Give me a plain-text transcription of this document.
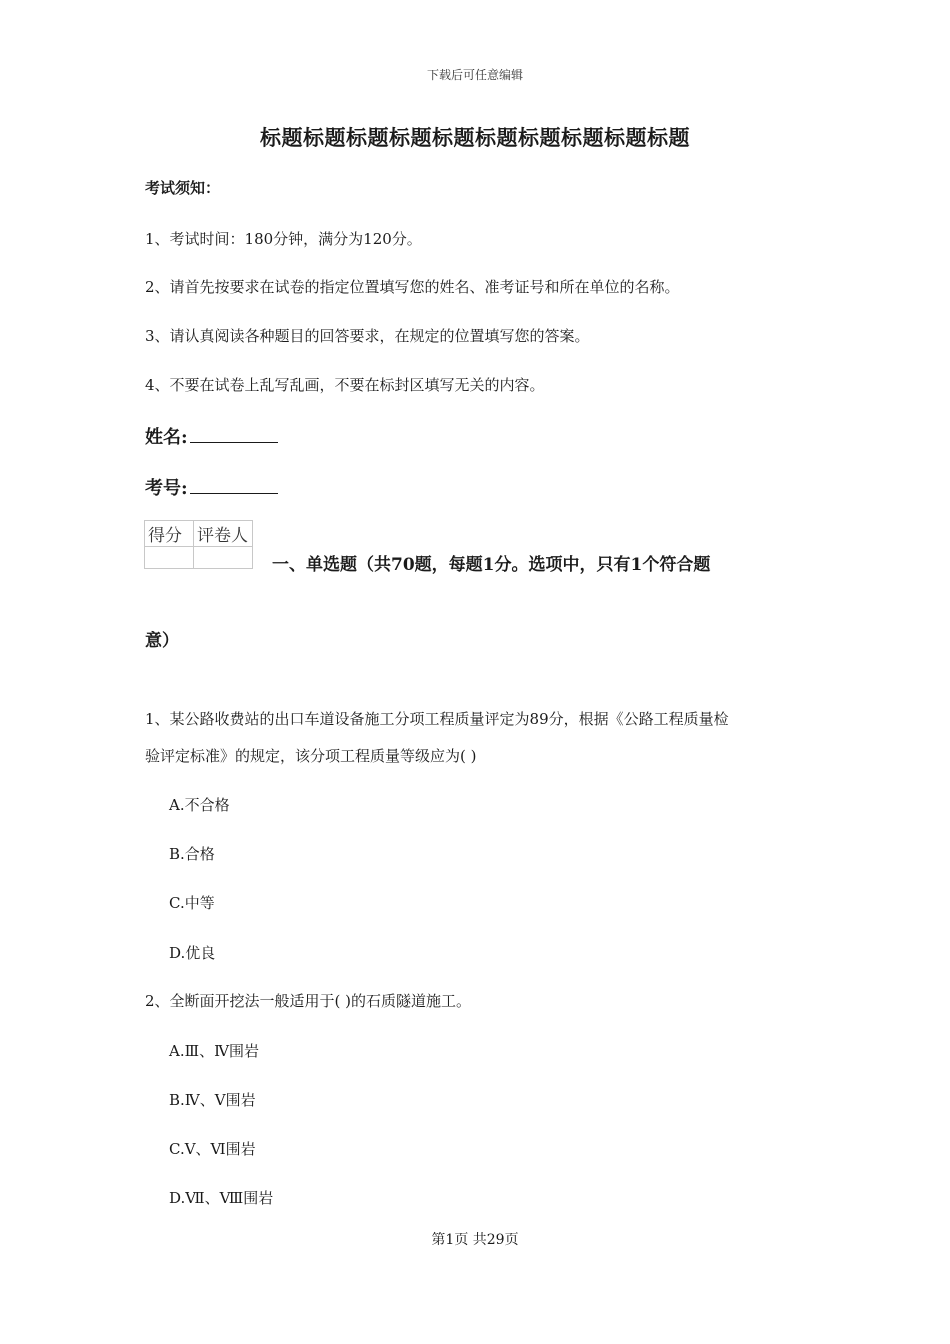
下载后可任意编辑
标题标题标题标题标题标题标题标题标题标题
考试须知：
1、考试时间：180分钟，满分为120分。
2、请首先按要求在试卷的指定位置填写您的姓名、准考证号和所在单位的名称。
3、请认真阅读各种题目的回答要求，在规定的位置填写您的答案。
4、不要在试卷上乱写乱画，不要在标封区填写无关的内容。
姓名:
考号:
得分	评卷人

一、单选题（共70题，每题1分。选项中，只有1个符合题
意）
1、某公路收费站的出口车道设备施工分项工程质量评定为89分，根据《公路工程质量检
验评定标准》的规定，该分项工程质量等级应为( )
A.不合格
B.合格
C.中等
D.优良
2、全断面开挖法一般适用于( )的石质隧道施工。
A.Ⅲ、Ⅳ围岩
B.Ⅳ、Ⅴ围岩
C.Ⅴ、Ⅵ围岩
D.Ⅶ、Ⅷ围岩
第1页 共29页
